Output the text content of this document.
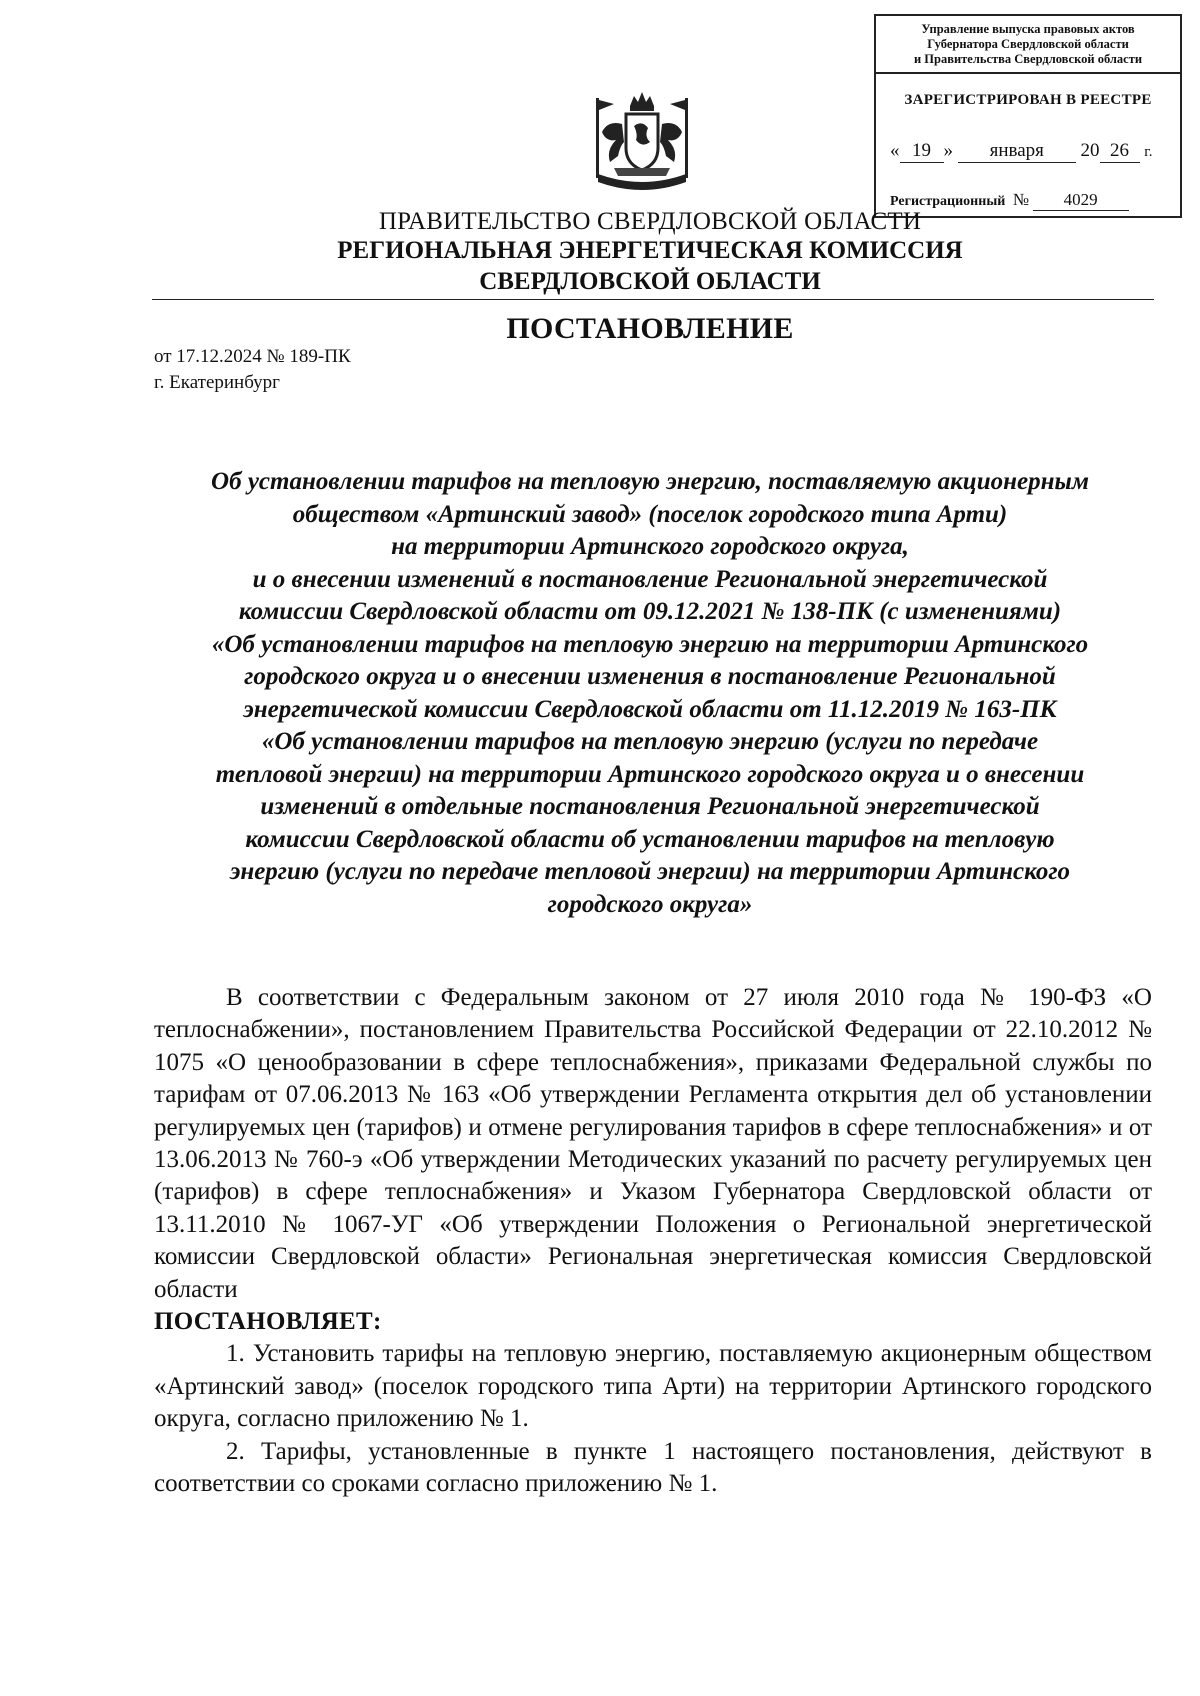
Управление выпуска правовых актов
Губернатора Свердловской области
и Правительства Свердловской области
ЗАРЕГИСТРИРОВАН В РЕЕСТРЕ
« 19 » января 20 26 г.
Регистрационный № 4029
ПРАВИТЕЛЬСТВО СВЕРДЛОВСКОЙ ОБЛАСТИ
РЕГИОНАЛЬНАЯ ЭНЕРГЕТИЧЕСКАЯ КОМИССИЯ
СВЕРДЛОВСКОЙ ОБЛАСТИ
ПОСТАНОВЛЕНИЕ
от 17.12.2024 № 189-ПК
г. Екатеринбург
Об установлении тарифов на тепловую энергию, поставляемую акционерным
обществом «Артинский завод» (поселок городского типа Арти)
на территории Артинского городского округа,
и о внесении изменений в постановление Региональной энергетической
комиссии Свердловской области от 09.12.2021 № 138-ПК (с изменениями)
«Об установлении тарифов на тепловую энергию на территории Артинского
городского округа и о внесении изменения в постановление Региональной
энергетической комиссии Свердловской области от 11.12.2019 № 163-ПК
«Об установлении тарифов на тепловую энергию (услуги по передаче
тепловой энергии) на территории Артинского городского округа и о внесении
изменений в отдельные постановления Региональной энергетической
комиссии Свердловской области об установлении тарифов на тепловую
энергию (услуги по передаче тепловой энергии) на территории Артинского
городского округа»

В соответствии с Федеральным законом от 27 июля 2010 года № 190-ФЗ «О теплоснабжении», постановлением Правительства Российской Федерации от 22.10.2012 № 1075 «О ценообразовании в сфере теплоснабжения», приказами Федеральной службы по тарифам от 07.06.2013 № 163 «Об утверждении Регламента открытия дел об установлении регулируемых цен (тарифов) и отмене регулирования тарифов в сфере теплоснабжения» и от 13.06.2013 № 760-э «Об утверждении Методических указаний по расчету регулируемых цен (тарифов) в сфере теплоснабжения» и Указом Губернатора Свердловской области от 13.11.2010 № 1067-УГ «Об утверждении Положения о Региональной энергетической комиссии Свердловской области» Региональная энергетическая комиссия Свердловской области

ПОСТАНОВЛЯЕТ:

1. Установить тарифы на тепловую энергию, поставляемую акционерным обществом «Артинский завод» (поселок городского типа Арти) на территории Артинского городского округа, согласно приложению № 1.

2. Тарифы, установленные в пункте 1 настоящего постановления, действуют в соответствии со сроками согласно приложению № 1.
